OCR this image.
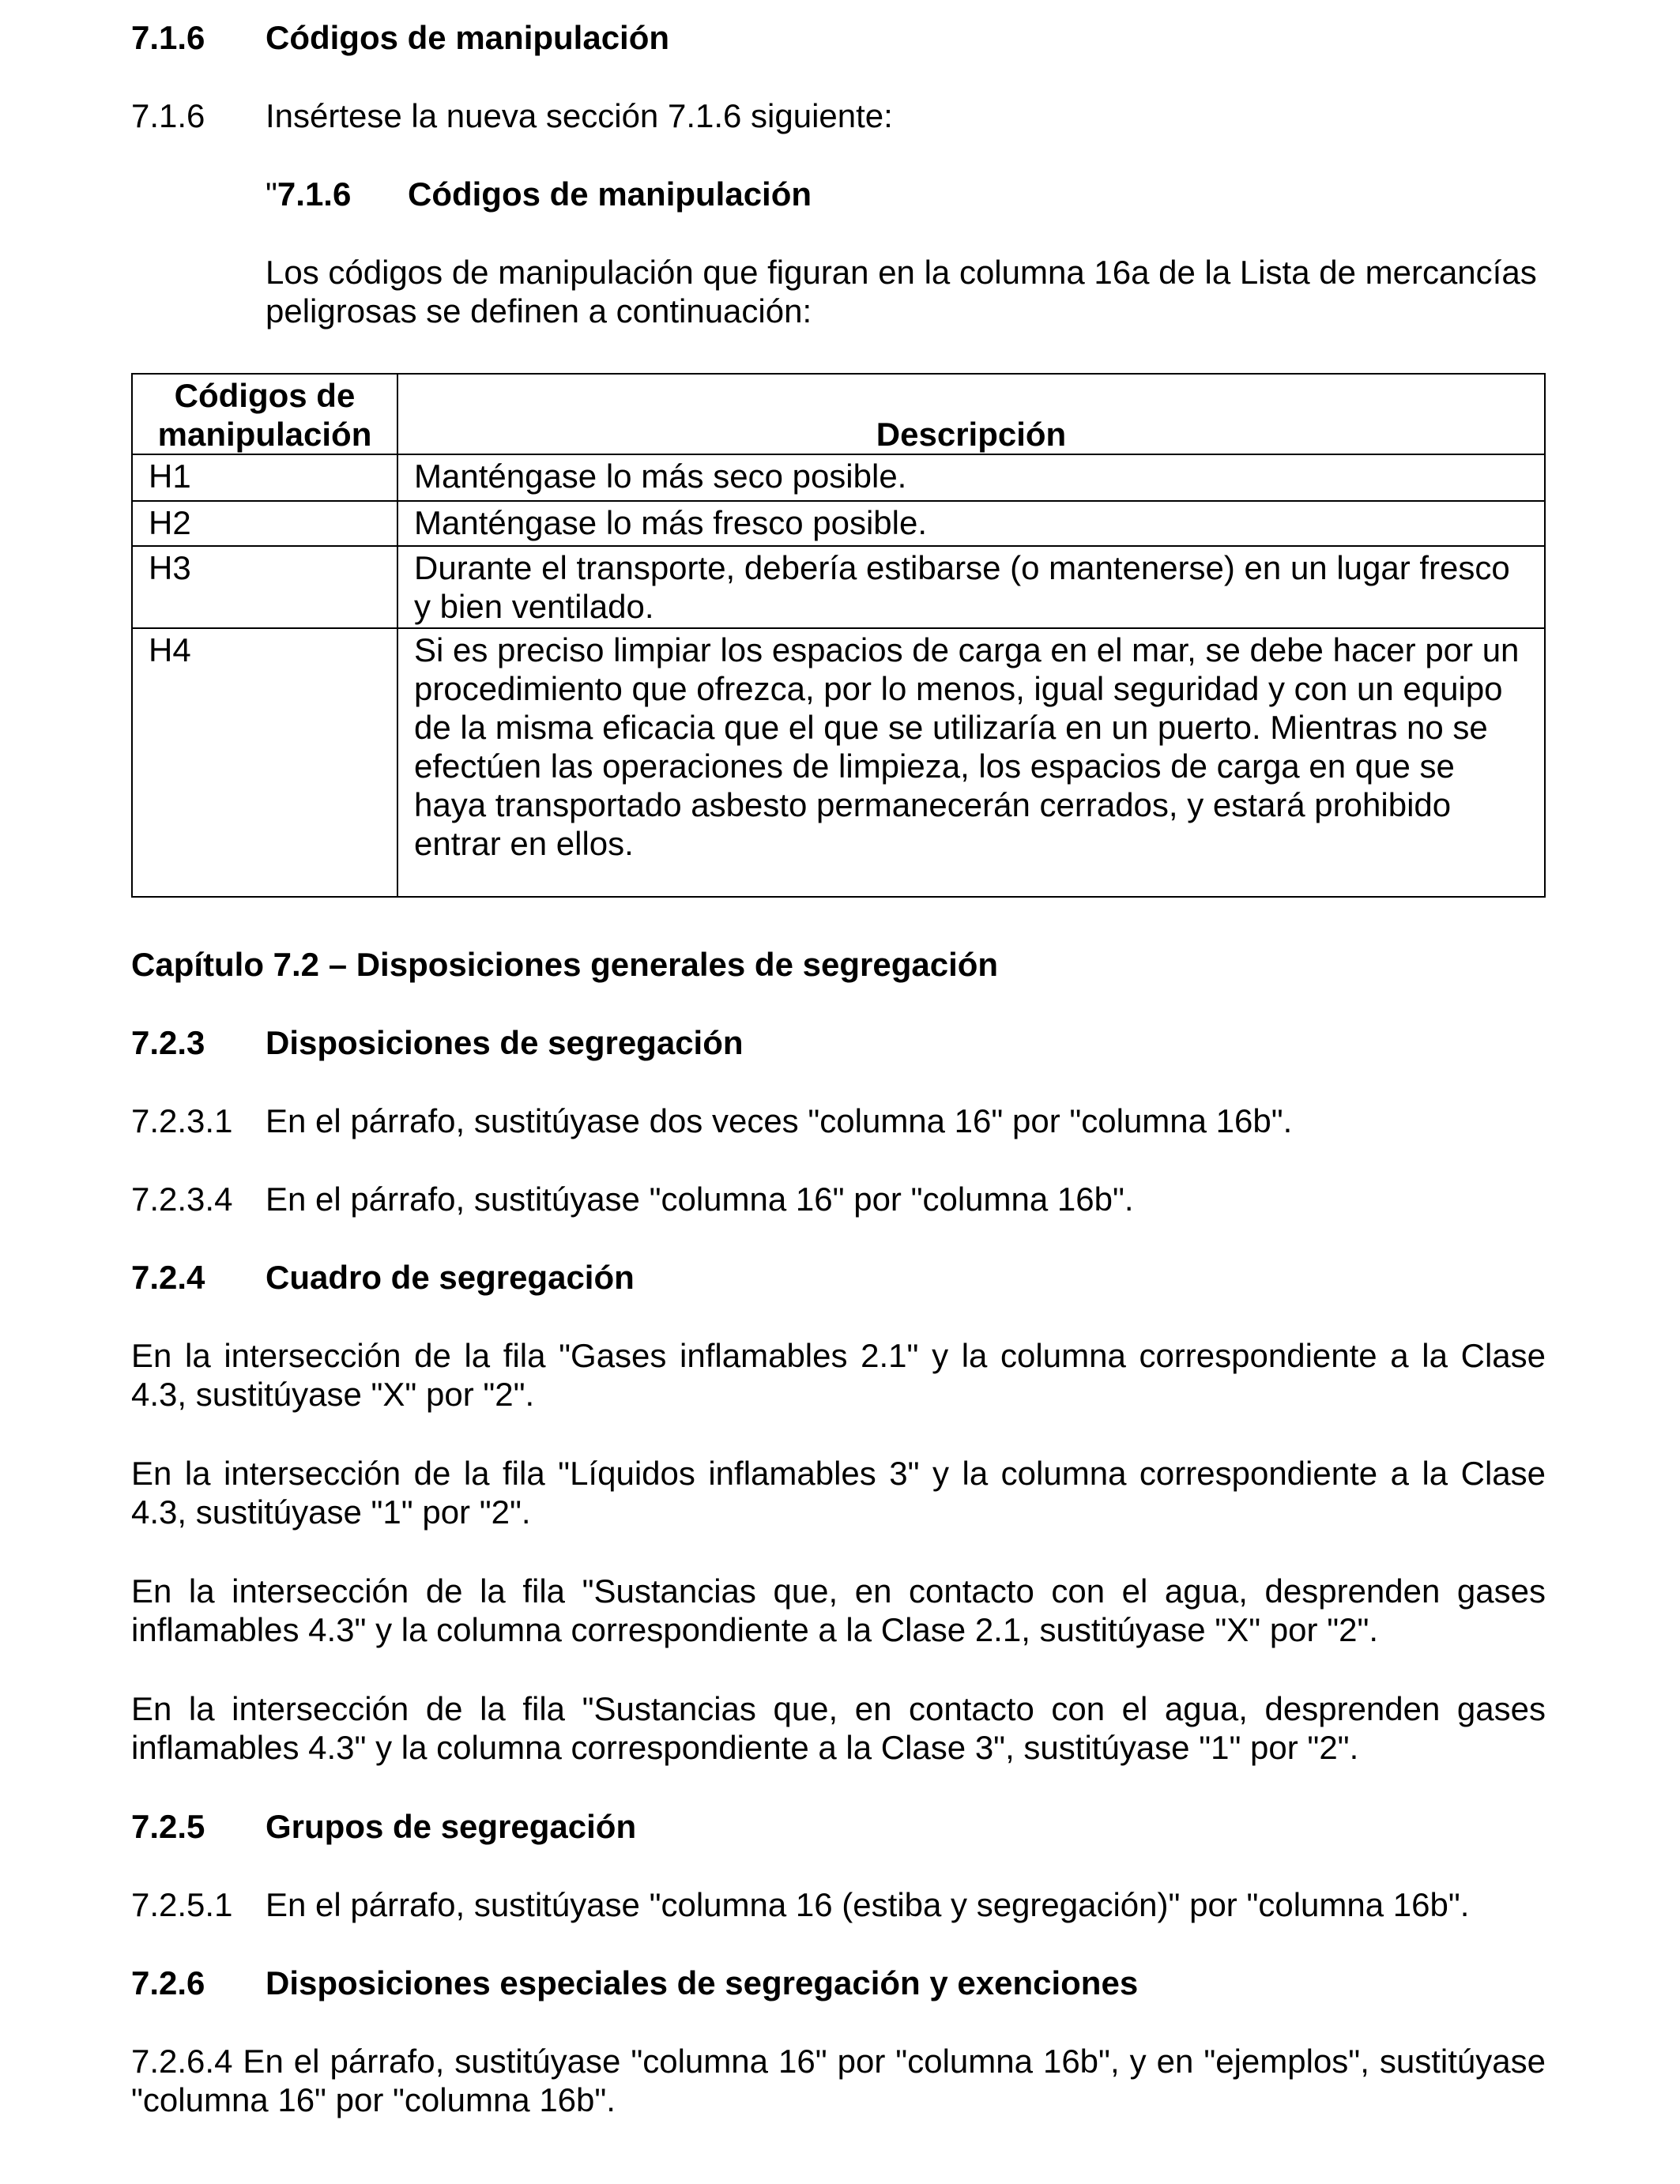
7.1.6 Códigos de manipulación
7.1.6 Insértese la nueva sección 7.1.6 siguiente:
"7.1.6 Códigos de manipulación
Los códigos de manipulación que figuran en la columna 16a de la Lista de mercancías peligrosas se definen a continuación:
Códigos de manipulación	Descripción
H1	Manténgase lo más seco posible.
H2	Manténgase lo más fresco posible.
H3	Durante el transporte, debería estibarse (o mantenerse) en un lugar fresco y bien ventilado.
H4	Si es preciso limpiar los espacios de carga en el mar, se debe hacer por un procedimiento que ofrezca, por lo menos, igual seguridad y con un equipo de la misma eficacia que el que se utilizaría en un puerto. Mientras no se efectúen las operaciones de limpieza, los espacios de carga en que se haya transportado asbesto permanecerán cerrados, y estará prohibido entrar en ellos.
Capítulo 7.2 – Disposiciones generales de segregación
7.2.3 Disposiciones de segregación
7.2.3.1 En el párrafo, sustitúyase dos veces "columna 16" por "columna 16b".
7.2.3.4 En el párrafo, sustitúyase "columna 16" por "columna 16b".
7.2.4 Cuadro de segregación
En la intersección de la fila "Gases inflamables 2.1" y la columna correspondiente a la Clase 4.3, sustitúyase "X" por "2".
En la intersección de la fila "Líquidos inflamables 3" y la columna correspondiente a la Clase 4.3, sustitúyase "1" por "2".
En la intersección de la fila "Sustancias que, en contacto con el agua, desprenden gases inflamables 4.3" y la columna correspondiente a la Clase 2.1, sustitúyase "X" por "2".
En la intersección de la fila "Sustancias que, en contacto con el agua, desprenden gases inflamables 4.3" y la columna correspondiente a la Clase 3", sustitúyase "1" por "2".
7.2.5 Grupos de segregación
7.2.5.1 En el párrafo, sustitúyase "columna 16 (estiba y segregación)" por "columna 16b".
7.2.6 Disposiciones especiales de segregación y exenciones
7.2.6.4 En el párrafo, sustitúyase "columna 16" por "columna 16b", y en "ejemplos", sustitúyase "columna 16" por "columna 16b".
